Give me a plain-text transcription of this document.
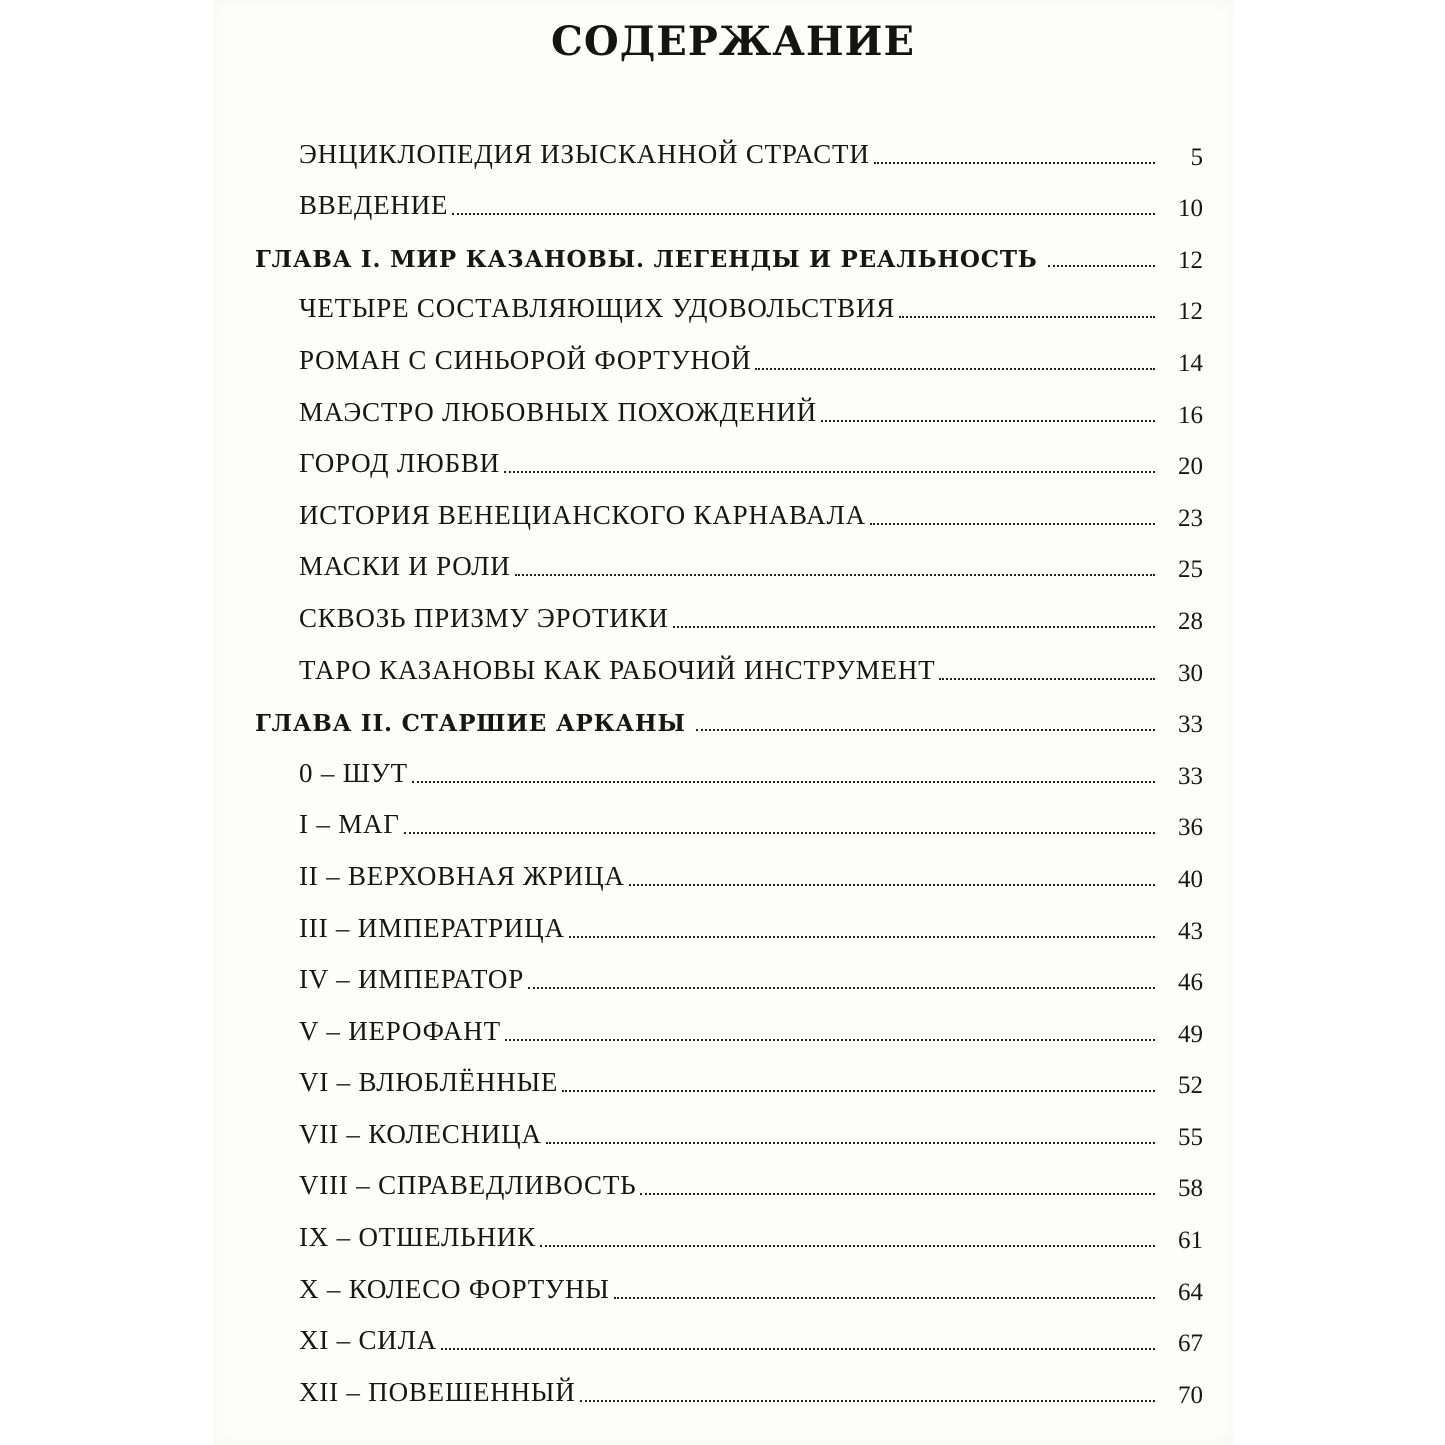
СОДЕРЖАНИЕ
ЭНЦИКЛОПЕДИЯ ИЗЫСКАННОЙ СТРАСТИ	5
ВВЕДЕНИЕ	10
ГЛАВА I. МИР КАЗАНОВЫ. ЛЕГЕНДЫ И РЕАЛЬНОСТЬ	12
ЧЕТЫРЕ СОСТАВЛЯЮЩИХ УДОВОЛЬСТВИЯ	12
РОМАН С СИНЬОРОЙ ФОРТУНОЙ	14
МАЭСТРО ЛЮБОВНЫХ ПОХОЖДЕНИЙ	16
ГОРОД ЛЮБВИ	20
ИСТОРИЯ ВЕНЕЦИАНСКОГО КАРНАВАЛА	23
МАСКИ И РОЛИ	25
СКВОЗЬ ПРИЗМУ ЭРОТИКИ	28
ТАРО КАЗАНОВЫ КАК РАБОЧИЙ ИНСТРУМЕНТ	30
ГЛАВА II. СТАРШИЕ АРКАНЫ	33
0 – ШУТ	33
I – МАГ	36
II – ВЕРХОВНАЯ ЖРИЦА	40
III – ИМПЕРАТРИЦА	43
IV – ИМПЕРАТОР	46
V – ИЕРОФАНТ	49
VI – ВЛЮБЛЁННЫЕ	52
VII – КОЛЕСНИЦА	55
VIII – СПРАВЕДЛИВОСТЬ	58
IX – ОТШЕЛЬНИК	61
X – КОЛЕСО ФОРТУНЫ	64
XI – СИЛА	67
XII – ПОВЕШЕННЫЙ	70
